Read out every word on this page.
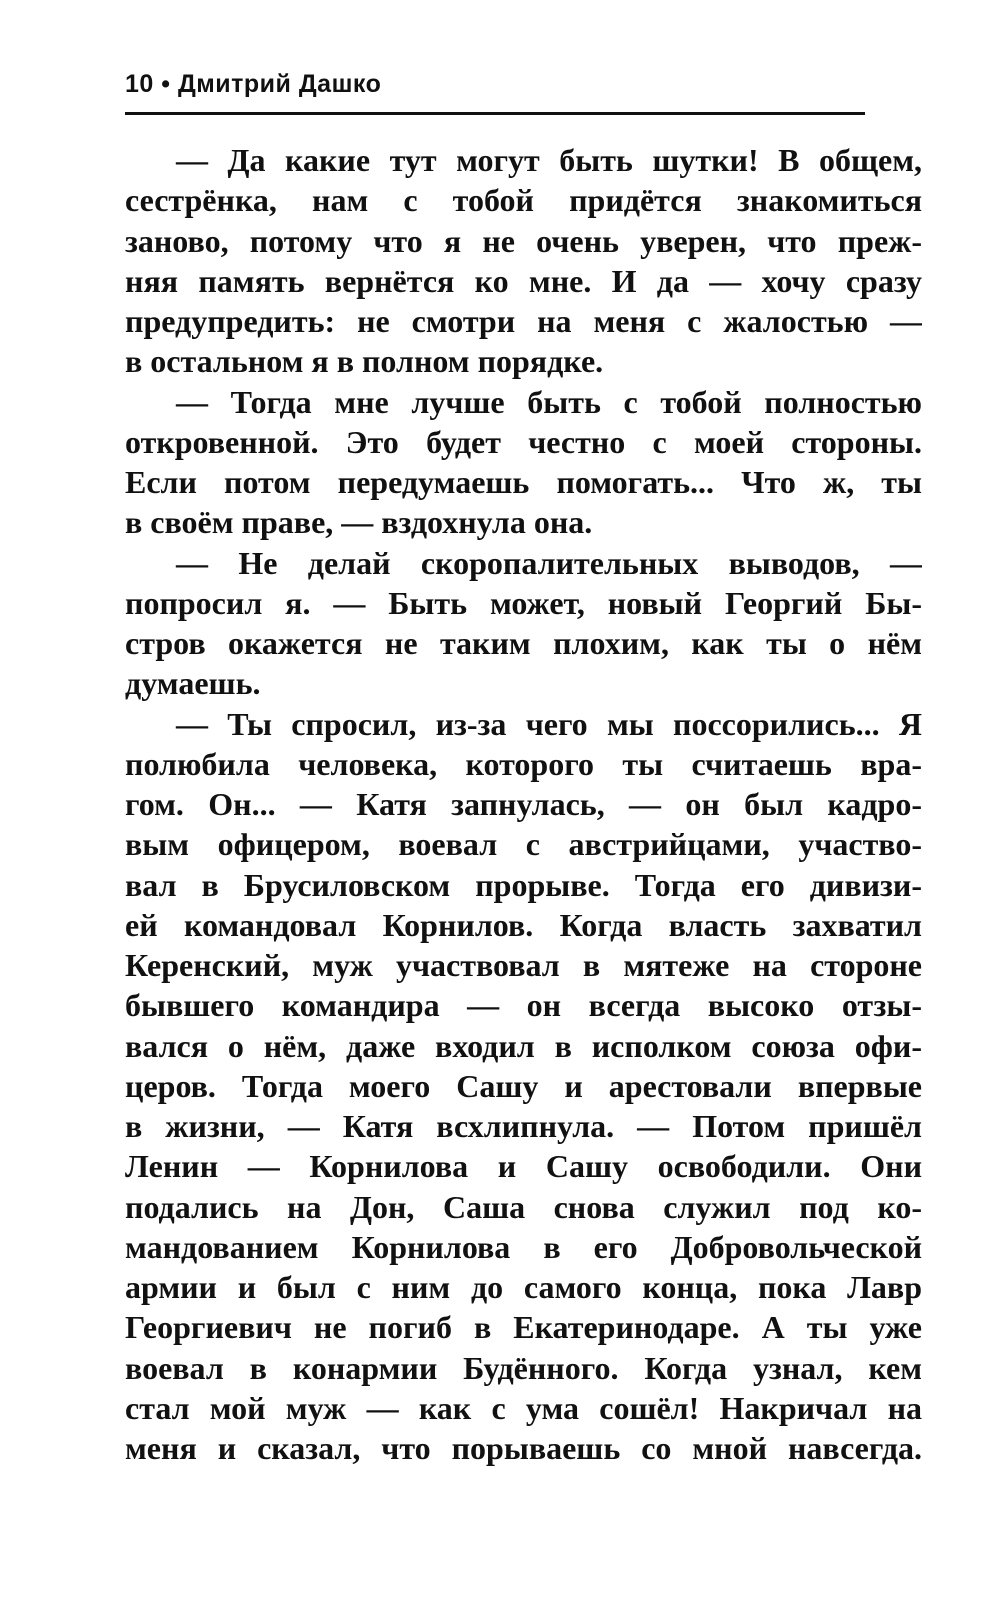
10 • Дмитрий Дашко
— Да какие тут могут быть шутки! В общем,
сестрёнка, нам с тобой придётся знакомиться
заново, потому что я не очень уверен, что преж-
няя память вернётся ко мне. И да — хочу сразу
предупредить: не смотри на меня с жалостью —
в остальном я в полном порядке.
— Тогда мне лучше быть с тобой полностью
откровенной. Это будет честно с моей стороны.
Если потом передумаешь помогать... Что ж, ты
в своём праве, — вздохнула она.
— Не делай скоропалительных выводов, —
попросил я. — Быть может, новый Георгий Бы-
стров окажется не таким плохим, как ты о нём
думаешь.
— Ты спросил, из-за чего мы поссорились... Я
полюбила человека, которого ты считаешь вра-
гом. Он... — Катя запнулась, — он был кадро-
вым офицером, воевал с австрийцами, участво-
вал в Брусиловском прорыве. Тогда его дивизи-
ей командовал Корнилов. Когда власть захватил
Керенский, муж участвовал в мятеже на стороне
бывшего командира — он всегда высоко отзы-
вался о нём, даже входил в исполком союза офи-
церов. Тогда моего Сашу и арестовали впервые
в жизни, — Катя всхлипнула. — Потом пришёл
Ленин — Корнилова и Сашу освободили. Они
подались на Дон, Саша снова служил под ко-
мандованием Корнилова в его Добровольческой
армии и был с ним до самого конца, пока Лавр
Георгиевич не погиб в Екатеринодаре. А ты уже
воевал в конармии Будённого. Когда узнал, кем
стал мой муж — как с ума сошёл! Накричал на
меня и сказал, что порываешь со мной навсегда.
